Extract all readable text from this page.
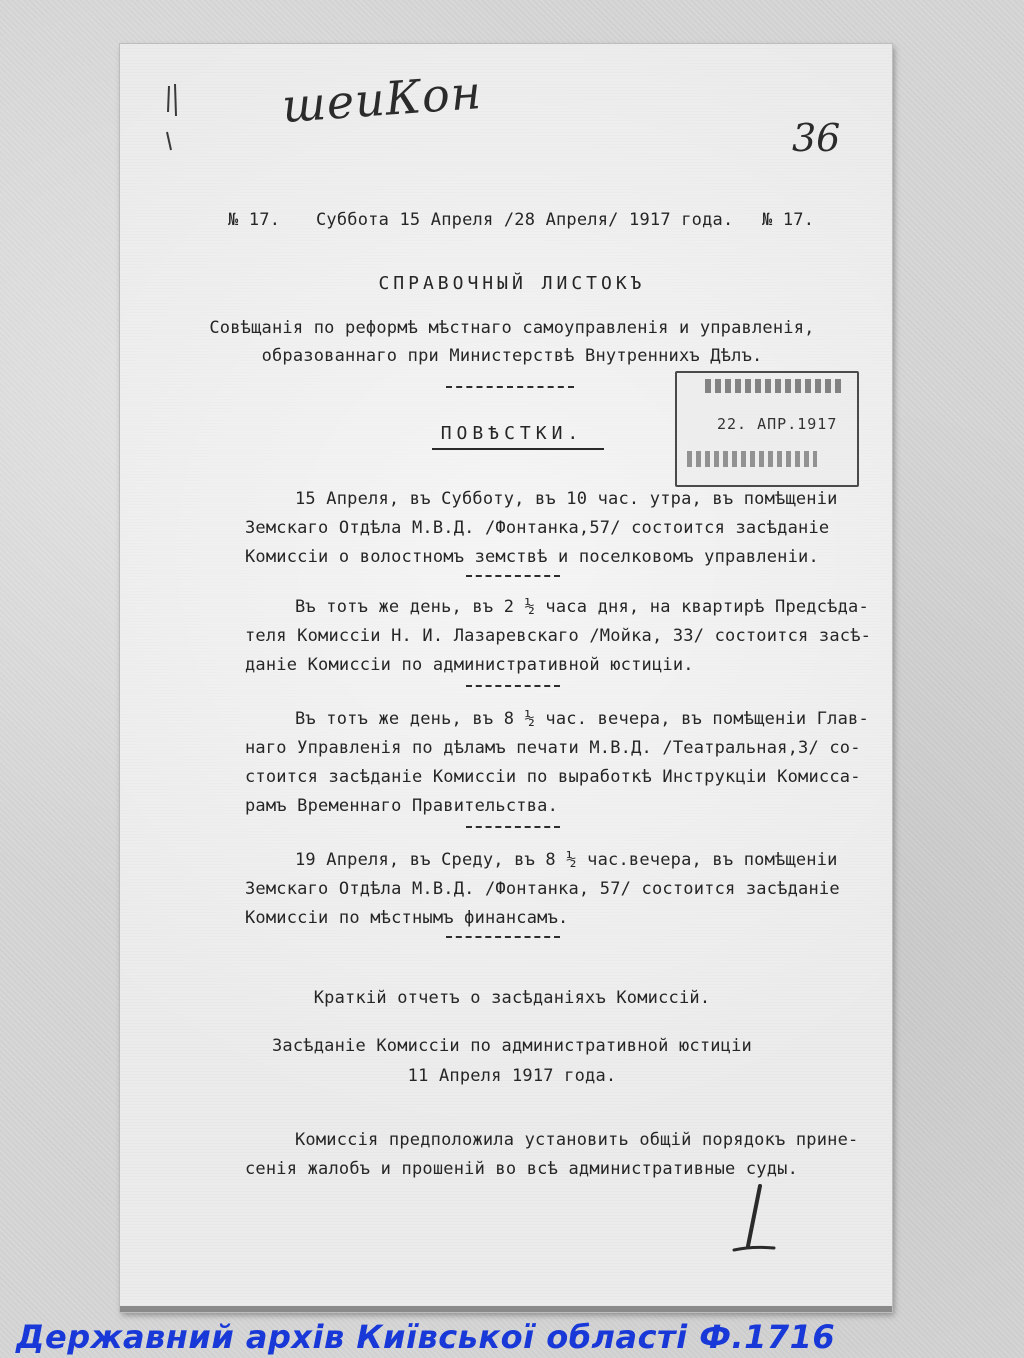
шеиКон
36
№ 17. Суббота 15 Апреля /28 Апреля/ 1917 года. № 17.
СПРАВОЧНЫЙ ЛИСТОКЪ
Совѣщанія по реформѣ мѣстнаго самоуправленія и управленія,
образованнаго при Министерствѣ Внутреннихъ Дѣлъ.
22. АПР.1917
ПОВѢСТКИ.
15 Апреля, въ Субботу, въ 10 час. утра, въ помѣщеніи
Земскаго Отдѣла М.В.Д. /Фонтанка,57/ состоится засѣданіе
Комиссіи о волостномъ земствѣ и поселковомъ управленіи.
Въ тотъ же день, въ 2 ½ часа дня, на квартирѣ Предсѣда-
теля Комиссіи Н. И. Лазаревскаго /Мойка, 33/ состоится засѣ-
даніе Комиссіи по административной юстиціи.
Въ тотъ же день, въ 8 ½ час. вечера, въ помѣщеніи Глав-
наго Управленія по дѣламъ печати М.В.Д. /Театральная,3/ со-
стоится засѣданіе Комиссіи по выработкѣ Инструкціи Комисса-
рамъ Временнаго Правительства.
19 Апреля, въ Среду, въ 8 ½ час.вечера, въ помѣщеніи
Земскаго Отдѣла М.В.Д. /Фонтанка, 57/ состоится засѣданіе
Комиссіи по мѣстнымъ финансамъ.
Краткій отчетъ о засѣданіяхъ Комиссій.
Засѣданіе Комиссіи по административной юстиціи
11 Апреля 1917 года.
Комиссія предположила установить общій порядокъ прине-
сенія жалобъ и прошеній во всѣ административные суды.
Державний архів Київської області Ф.1716
